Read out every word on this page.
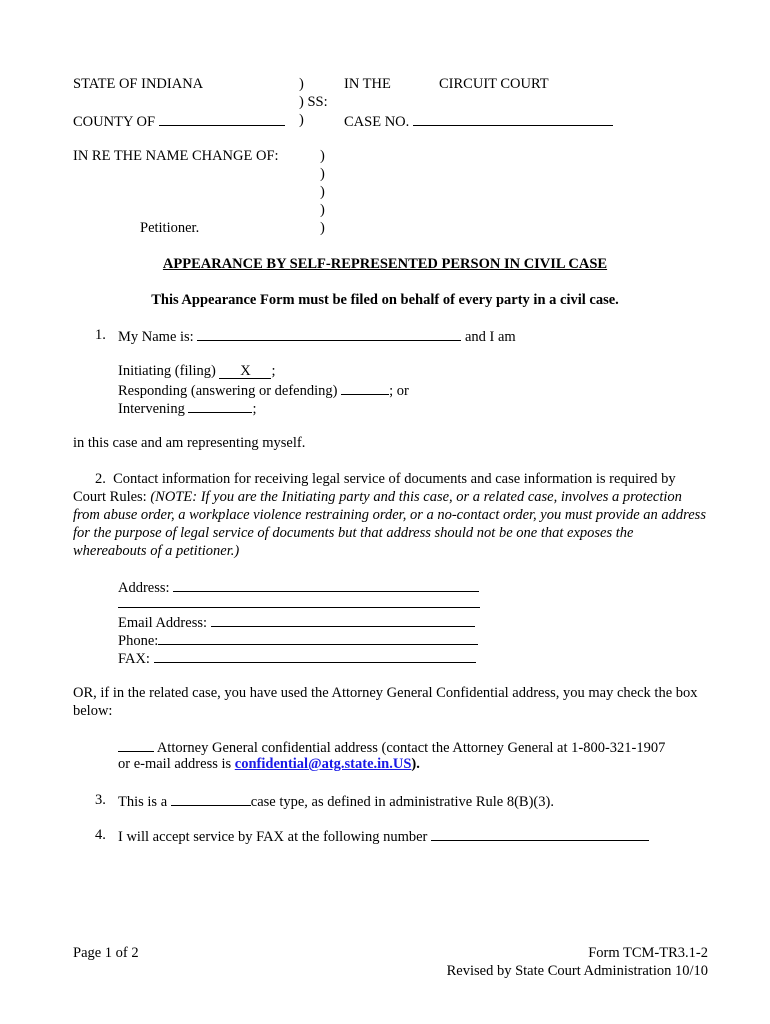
STATE OF INDIANA	)	IN THE	CIRCUIT COURT
) SS:
COUNTY OF	)	CASE NO.
IN RE THE NAME CHANGE OF:	)
)
)
)
Petitioner.	)
APPEARANCE BY SELF-REPRESENTED PERSON IN CIVIL CASE
This Appearance Form must be filed on behalf of every party in a civil case.
1. My Name is:	and I am
Initiating (filing) X ;
Responding (answering or defending)	; or
Intervening	;
in this case and am representing myself.
2. Contact information for receiving legal service of documents and case information is required by Court Rules: (NOTE: If you are the Initiating party and this case, or a related case, involves a protection from abuse order, a workplace violence restraining order, or a no-contact order, you must provide an address for the purpose of legal service of documents but that address should not be one that exposes the whereabouts of a petitioner.)
Address:
Email Address:
Phone:
FAX:
OR, if in the related case, you have used the Attorney General Confidential address, you may check the box below:
Attorney General confidential address (contact the Attorney General at 1-800-321-1907
or e-mail address is confidential@atg.state.in.US).
3. This is a	case type, as defined in administrative Rule 8(B)(3).
4. I will accept service by FAX at the following number
Page 1 of 2	Form TCM-TR3.1-2
Revised by State Court Administration 10/10
